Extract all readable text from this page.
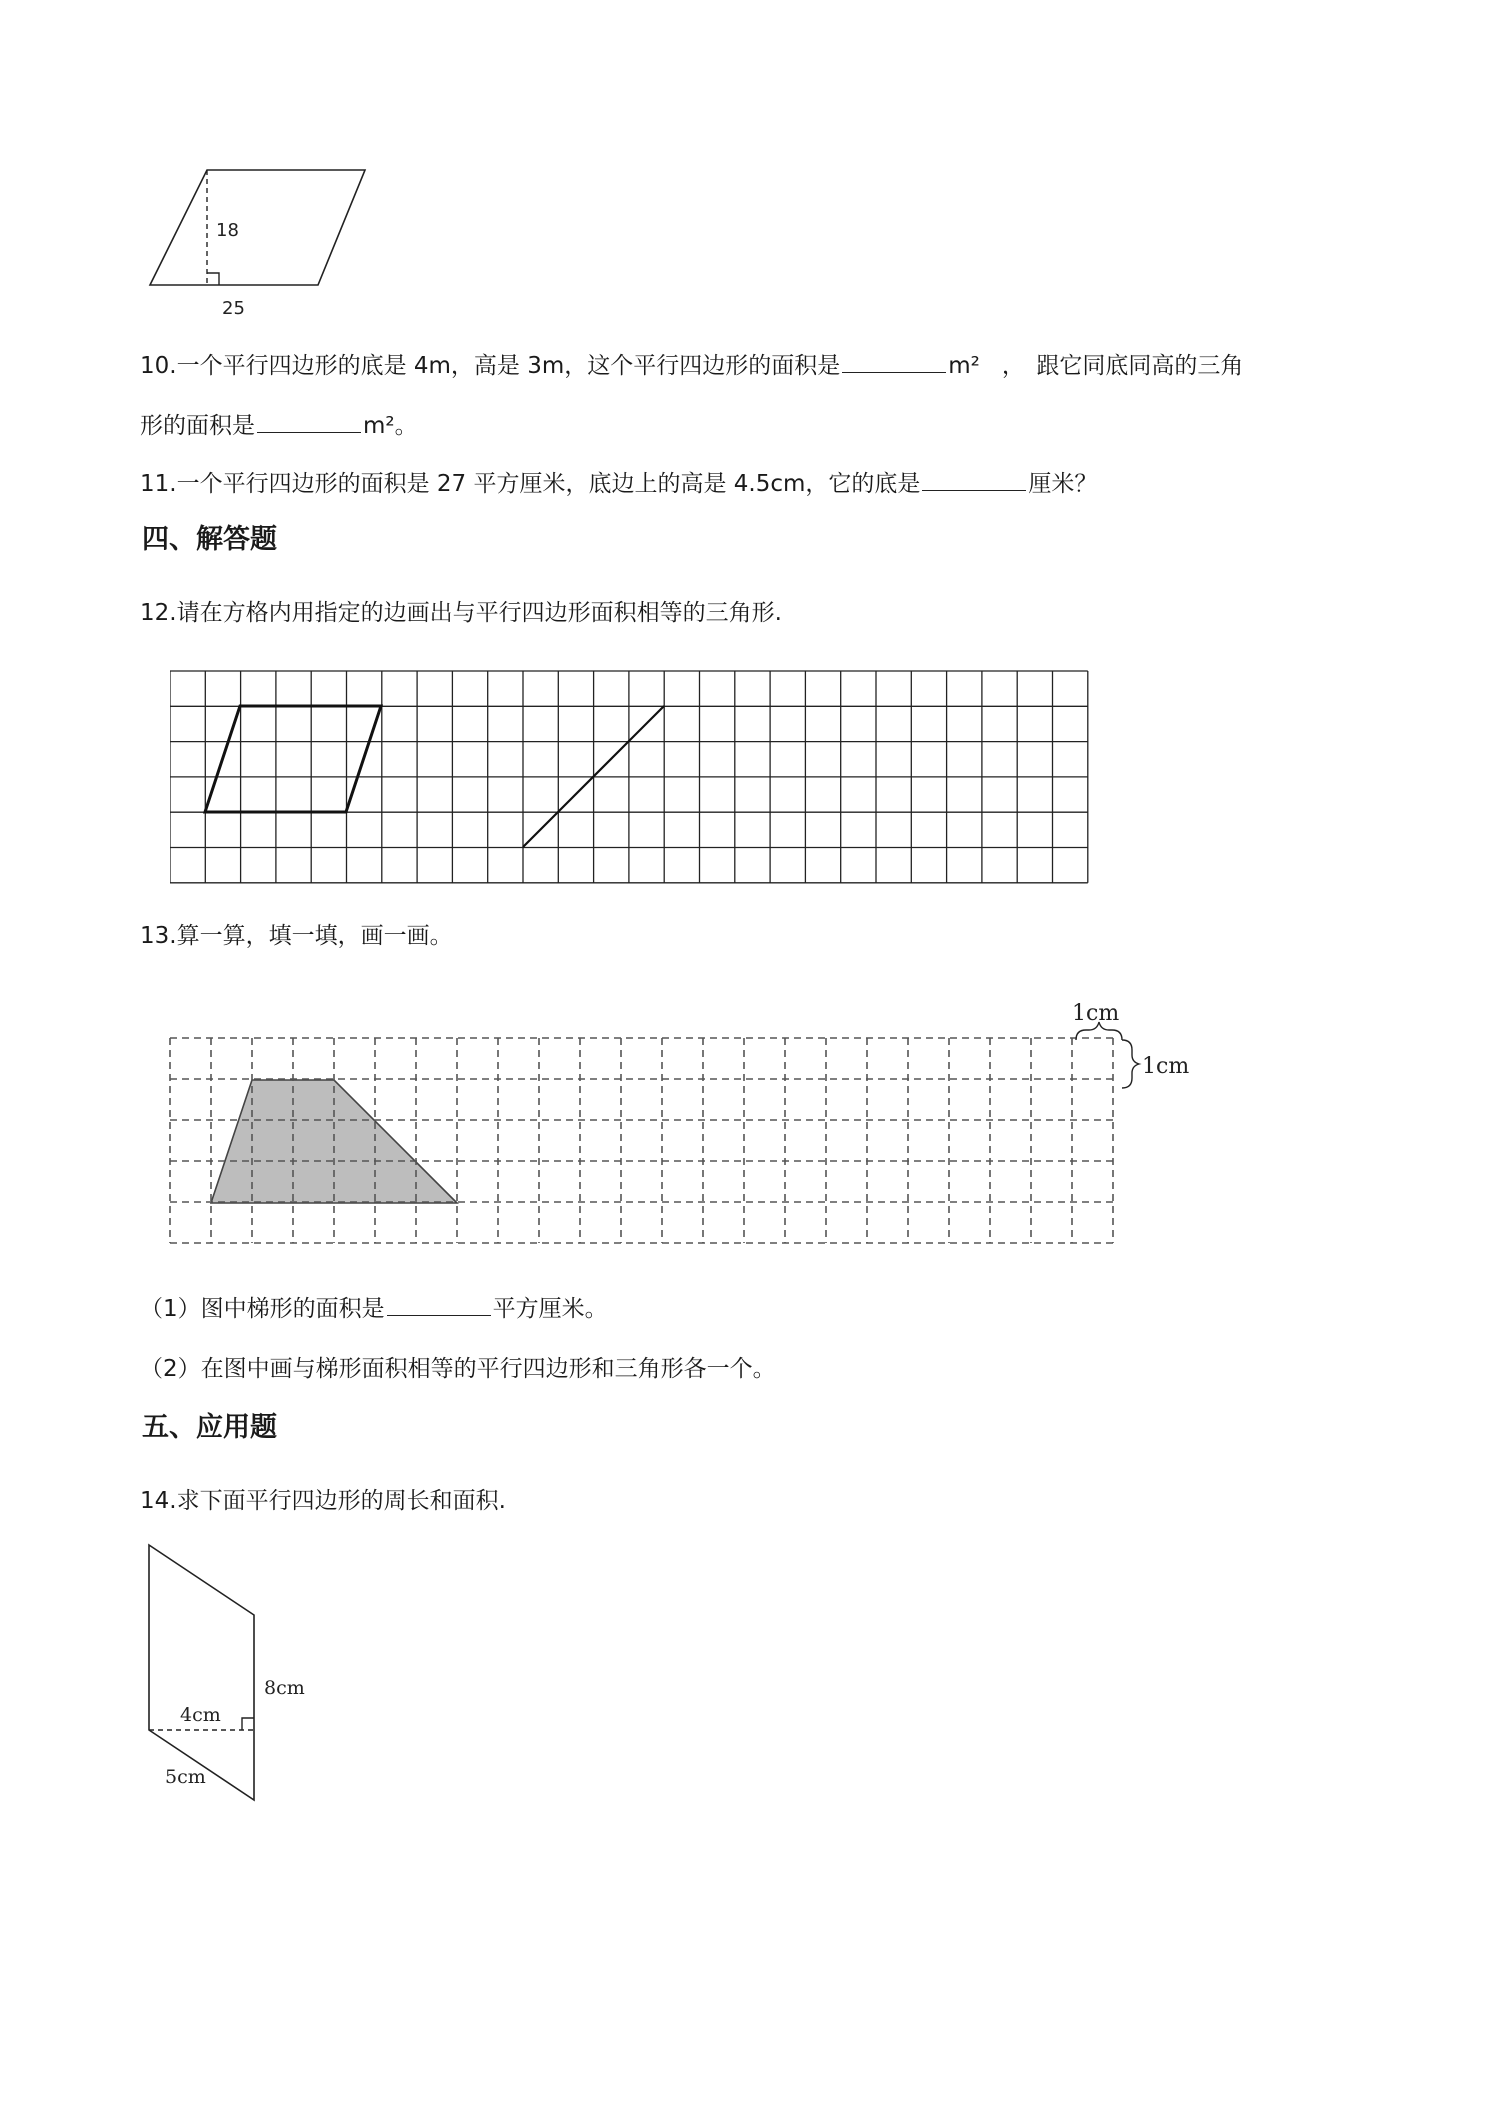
18
25
10.一个平行四边形的底是 4m，高是 3m，这个平行四边形的面积是	m² ，　跟它同底同高的三角
形的面积是	m²。
11.一个平行四边形的面积是 27 平方厘米，底边上的高是 4.5cm，它的底是	厘米？
四、解答题
12.请在方格内用指定的边画出与平行四边形面积相等的三角形.
13.算一算，填一填，画一画。
1cm
1cm
（1）图中梯形的面积是	平方厘米。
（2）在图中画与梯形面积相等的平行四边形和三角形各一个。
五、应用题
14.求下面平行四边形的周长和面积.
4cm
8cm
5cm
